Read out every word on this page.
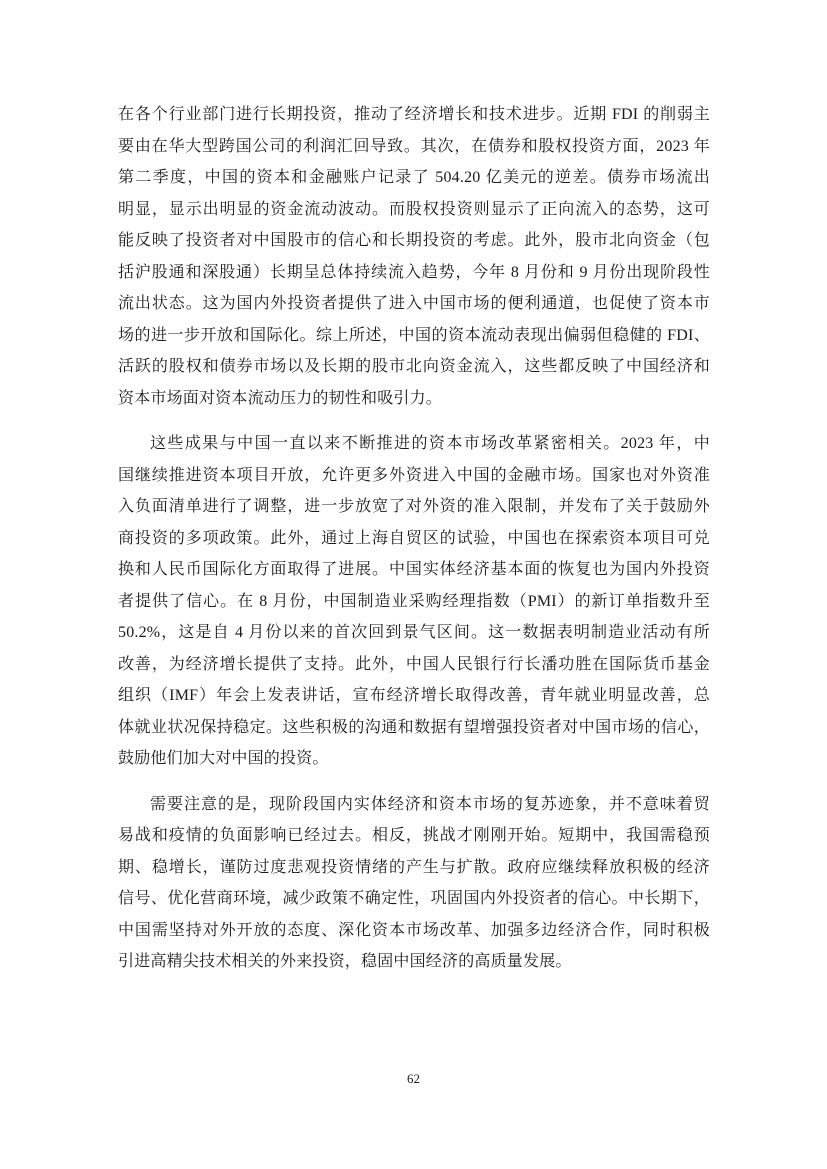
在各个行业部门进行长期投资，推动了经济增长和技术进步。近期 FDI 的削弱主
要由在华大型跨国公司的利润汇回导致。其次，在债券和股权投资方面，2023 年
第二季度，中国的资本和金融账户记录了 504.20 亿美元的逆差。债券市场流出
明显，显示出明显的资金流动波动。而股权投资则显示了正向流入的态势，这可
能反映了投资者对中国股市的信心和长期投资的考虑。此外，股市北向资金（包
括沪股通和深股通）长期呈总体持续流入趋势，今年 8 月份和 9 月份出现阶段性
流出状态。这为国内外投资者提供了进入中国市场的便利通道，也促使了资本市
场的进一步开放和国际化。综上所述，中国的资本流动表现出偏弱但稳健的 FDI、
活跃的股权和债券市场以及长期的股市北向资金流入，这些都反映了中国经济和
资本市场面对资本流动压力的韧性和吸引力。

这些成果与中国一直以来不断推进的资本市场改革紧密相关。2023 年，中
国继续推进资本项目开放，允许更多外资进入中国的金融市场。国家也对外资准
入负面清单进行了调整，进一步放宽了对外资的准入限制，并发布了关于鼓励外
商投资的多项政策。此外，通过上海自贸区的试验，中国也在探索资本项目可兑
换和人民币国际化方面取得了进展。中国实体经济基本面的恢复也为国内外投资
者提供了信心。在 8 月份，中国制造业采购经理指数（PMI）的新订单指数升至
50.2%，这是自 4 月份以来的首次回到景气区间。这一数据表明制造业活动有所
改善，为经济增长提供了支持。此外，中国人民银行行长潘功胜在国际货币基金
组织（IMF）年会上发表讲话，宣布经济增长取得改善，青年就业明显改善，总
体就业状况保持稳定。这些积极的沟通和数据有望增强投资者对中国市场的信心，
鼓励他们加大对中国的投资。

需要注意的是，现阶段国内实体经济和资本市场的复苏迹象，并不意味着贸
易战和疫情的负面影响已经过去。相反，挑战才刚刚开始。短期中，我国需稳预
期、稳增长，谨防过度悲观投资情绪的产生与扩散。政府应继续释放积极的经济
信号、优化营商环境，减少政策不确定性，巩固国内外投资者的信心。中长期下，
中国需坚持对外开放的态度、深化资本市场改革、加强多边经济合作，同时积极
引进高精尖技术相关的外来投资，稳固中国经济的高质量发展。

62
